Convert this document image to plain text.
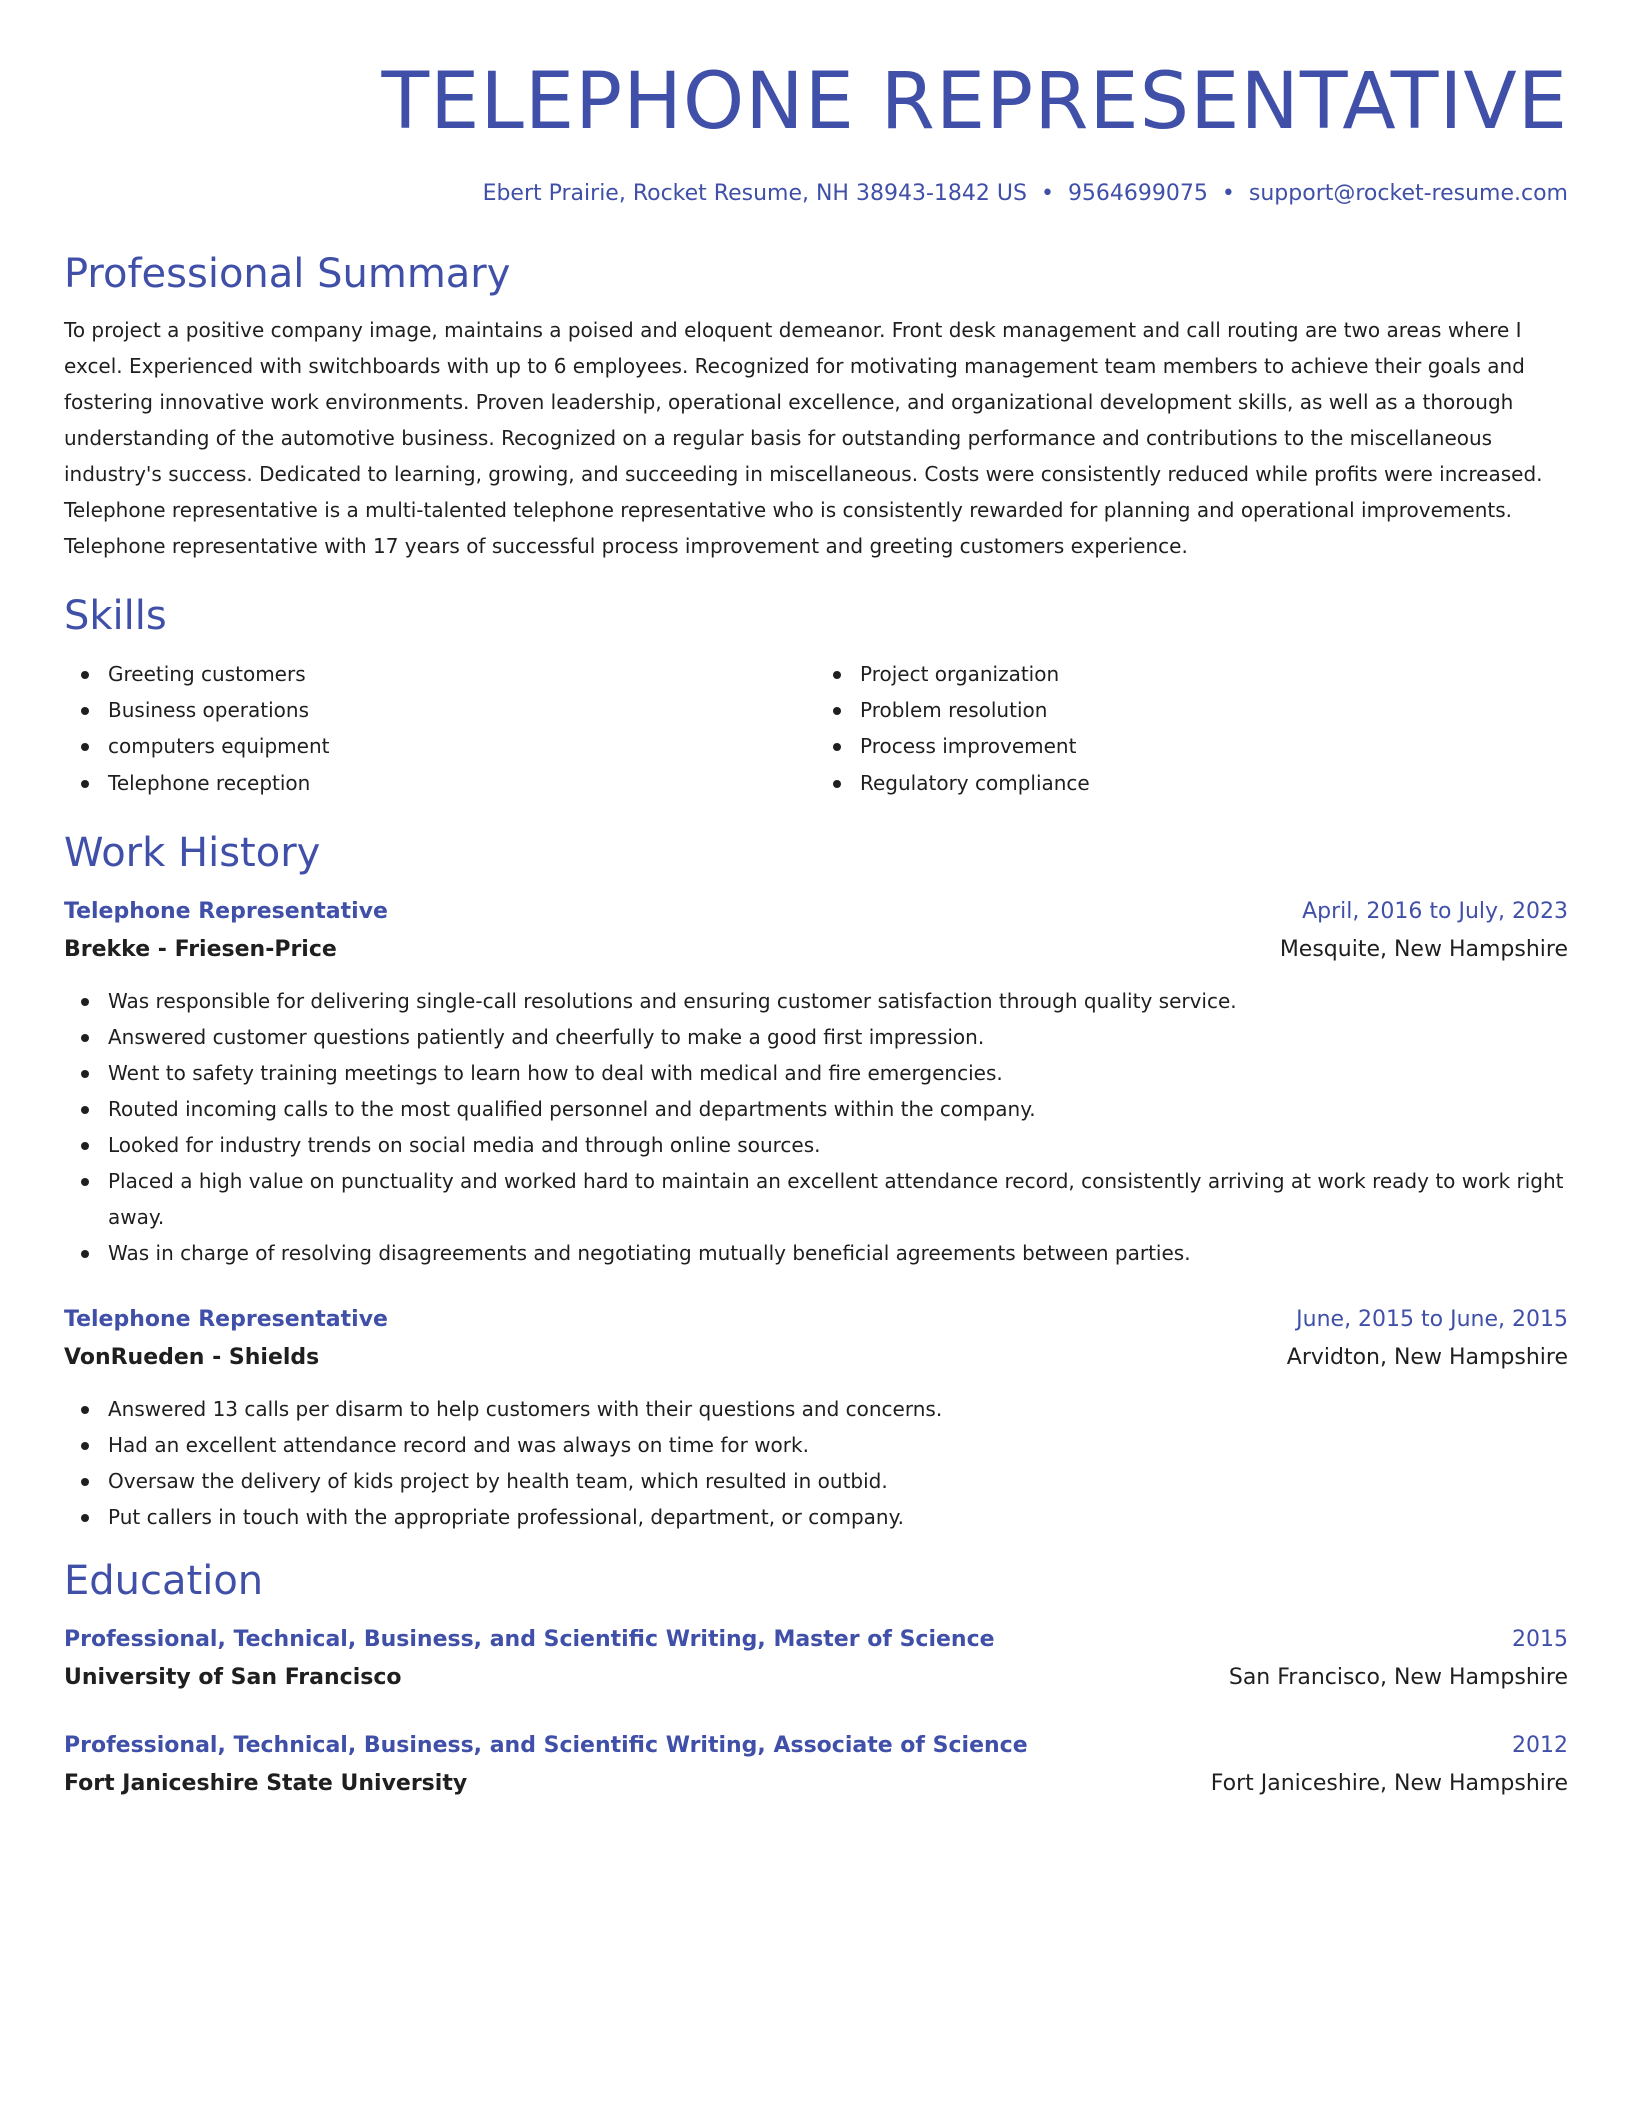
TELEPHONE REPRESENTATIVE
Ebert Prairie, Rocket Resume, NH 38943-1842 US • 9564699075 • support@rocket-resume.com
Professional Summary

To project a positive company image, maintains a poised and eloquent demeanor. Front desk management and call routing are two areas where I excel. Experienced with switchboards with up to 6 employees. Recognized for motivating management team members to achieve their goals and fostering innovative work environments. Proven leadership, operational excellence, and organizational development skills, as well as a thorough understanding of the automotive business. Recognized on a regular basis for outstanding performance and contributions to the miscellaneous industry's success. Dedicated to learning, growing, and succeeding in miscellaneous. Costs were consistently reduced while profits were increased. Telephone representative is a multi-talented telephone representative who is consistently rewarded for planning and operational improvements. Telephone representative with 17 years of successful process improvement and greeting customers experience.

Skills
Greeting customers
Business operations
computers equipment
Telephone reception
Project organization
Problem resolution
Process improvement
Regulatory compliance
Work History
Telephone Representative	April, 2016 to July, 2023
Brekke - Friesen-Price	Mesquite, New Hampshire
Was responsible for delivering single-call resolutions and ensuring customer satisfaction through quality service.
Answered customer questions patiently and cheerfully to make a good first impression.
Went to safety training meetings to learn how to deal with medical and fire emergencies.
Routed incoming calls to the most qualified personnel and departments within the company.
Looked for industry trends on social media and through online sources.
Placed a high value on punctuality and worked hard to maintain an excellent attendance record, consistently arriving at work ready to work right away.
Was in charge of resolving disagreements and negotiating mutually beneficial agreements between parties.
Telephone Representative	June, 2015 to June, 2015
VonRueden - Shields	Arvidton, New Hampshire
Answered 13 calls per disarm to help customers with their questions and concerns.
Had an excellent attendance record and was always on time for work.
Oversaw the delivery of kids project by health team, which resulted in outbid.
Put callers in touch with the appropriate professional, department, or company.
Education
Professional, Technical, Business, and Scientific Writing, Master of Science	2015
University of San Francisco	San Francisco, New Hampshire
Professional, Technical, Business, and Scientific Writing, Associate of Science	2012
Fort Janiceshire State University	Fort Janiceshire, New Hampshire
